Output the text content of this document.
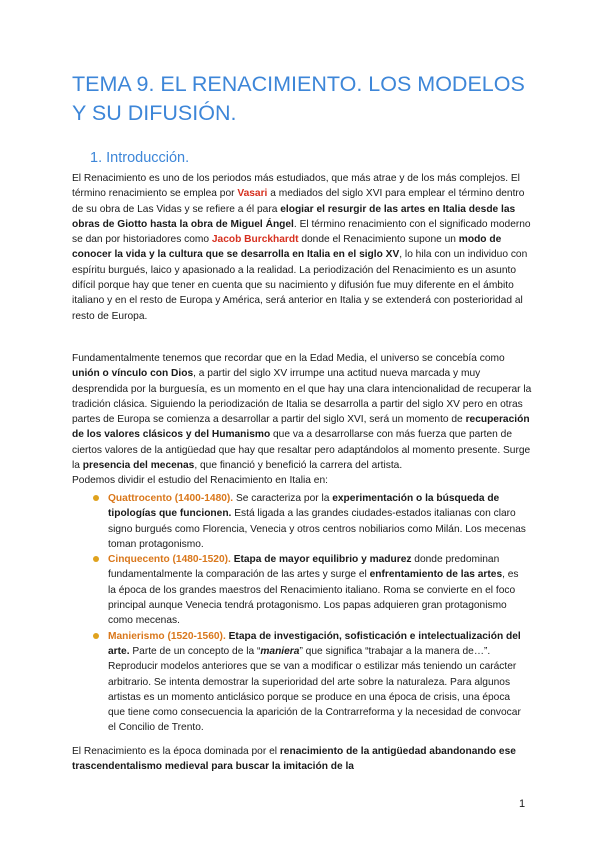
TEMA 9. EL RENACIMIENTO. LOS MODELOS Y SU DIFUSIÓN.
1. Introducción.

El Renacimiento es uno de los periodos más estudiados, que más atrae y de los más complejos. El término renacimiento se emplea por Vasari a mediados del siglo XVI para emplear el término dentro de su obra de Las Vidas y se refiere a él para elogiar el resurgir de las artes en Italia desde las obras de Giotto hasta la obra de Miguel Ángel. El término renacimiento con el significado moderno se dan por historiadores como Jacob Burckhardt donde el Renacimiento supone un modo de conocer la vida y la cultura que se desarrolla en Italia en el siglo XV, lo hila con un individuo con espíritu burgués, laico y apasionado a la realidad. La periodización del Renacimiento es un asunto difícil porque hay que tener en cuenta que su nacimiento y difusión fue muy diferente en el ámbito italiano y en el resto de Europa y América, será anterior en Italia y se extenderá con posterioridad al resto de Europa.

Fundamentalmente tenemos que recordar que en la Edad Media, el universo se concebía como unión o vínculo con Dios, a partir del siglo XV irrumpe una actitud nueva marcada y muy desprendida por la burguesía, es un momento en el que hay una clara intencionalidad de recuperar la tradición clásica. Siguiendo la periodización de Italia se desarrolla a partir del siglo XV pero en otras partes de Europa se comienza a desarrollar a partir del siglo XVI, será un momento de recuperación de los valores clásicos y del Humanismo que va a desarrollarse con más fuerza que parten de ciertos valores de la antigüedad que hay que resaltar pero adaptándolos al momento presente. Surge la presencia del mecenas, que financió y benefició la carrera del artista.

Podemos dividir el estudio del Renacimiento en Italia en:

Quattrocento (1400-1480). Se caracteriza por la experimentación o la búsqueda de tipologías que funcionen. Está ligada a las grandes ciudades-estados italianas con claro signo burgués como Florencia, Venecia y otros centros nobiliarios como Milán. Los mecenas toman protagonismo.
Cinquecento (1480-1520). Etapa de mayor equilibrio y madurez donde predominan fundamentalmente la comparación de las artes y surge el enfrentamiento de las artes, es la época de los grandes maestros del Renacimiento italiano. Roma se convierte en el foco principal aunque Venecia tendrá protagonismo. Los papas adquieren gran protagonismo como mecenas.
Manierismo (1520-1560). Etapa de investigación, sofisticación e intelectualización del arte. Parte de un concepto de la “maniera” que significa “trabajar a la manera de…”. Reproducir modelos anteriores que se van a modificar o estilizar más teniendo un carácter arbitrario. Se intenta demostrar la superioridad del arte sobre la naturaleza. Para algunos artistas es un momento anticlásico porque se produce en una época de crisis, una época que tiene como consecuencia la aparición de la Contrarreforma y la necesidad de convocar el Concilio de Trento.

El Renacimiento es la época dominada por el renacimiento de la antigüedad abandonando ese trascendentalismo medieval para buscar la imitación de la

1
